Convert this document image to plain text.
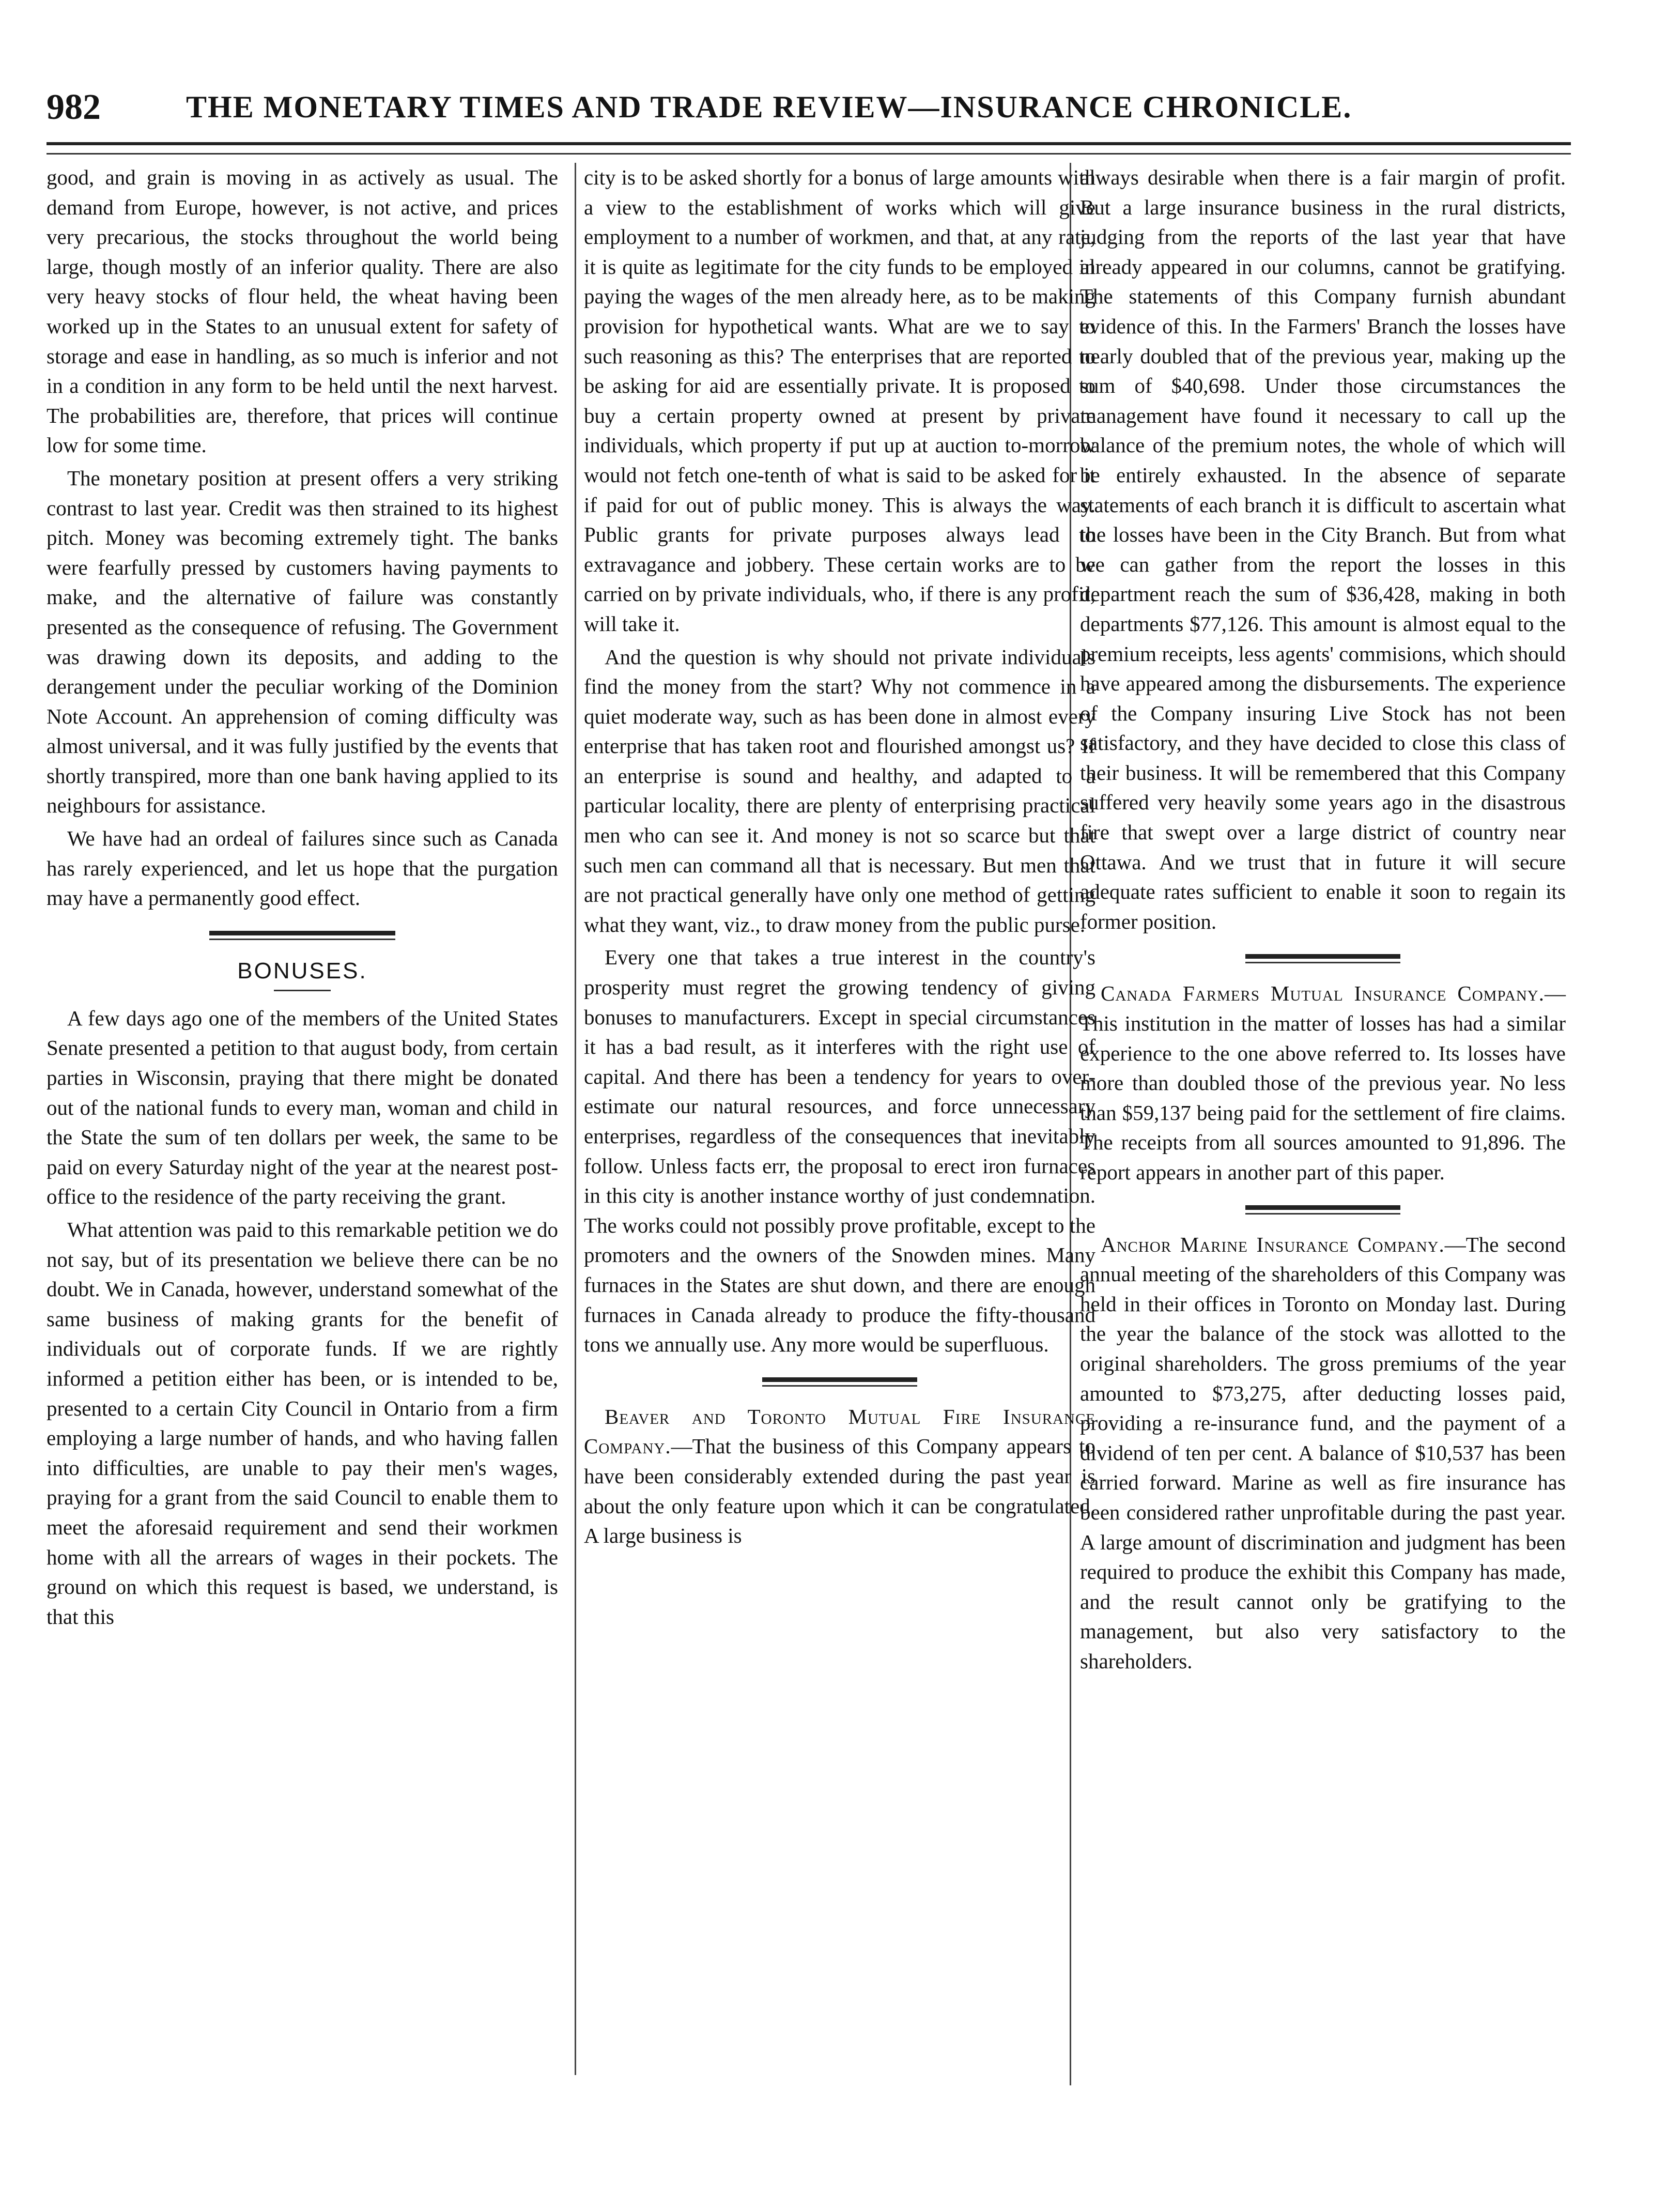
982	THE MONETARY TIMES AND TRADE REVIEW—INSURANCE CHRONICLE.

good, and grain is moving in as actively as usual. The demand from Europe, however, is not active, and prices very precarious, the stocks throughout the world being large, though mostly of an inferior quality. There are also very heavy stocks of flour held, the wheat having been worked up in the States to an unusual extent for safety of storage and ease in handling, as so much is inferior and not in a condition in any form to be held until the next harvest. The probabilities are, therefore, that prices will continue low for some time.

The monetary position at present offers a very striking contrast to last year. Credit was then strained to its highest pitch. Money was becoming extremely tight. The banks were fearfully pressed by customers having payments to make, and the alternative of failure was constantly presented as the consequence of refusing. The Government was drawing down its deposits, and adding to the derangement under the peculiar working of the Dominion Note Account. An apprehension of coming difficulty was almost universal, and it was fully justified by the events that shortly transpired, more than one bank having applied to its neighbours for assistance.

We have had an ordeal of failures since such as Canada has rarely experienced, and let us hope that the purgation may have a permanently good effect.

BONUSES.

A few days ago one of the members of the United States Senate presented a petition to that august body, from certain parties in Wisconsin, praying that there might be donated out of the national funds to every man, woman and child in the State the sum of ten dollars per week, the same to be paid on every Saturday night of the year at the nearest post-office to the residence of the party receiving the grant.

What attention was paid to this remarkable petition we do not say, but of its presentation we believe there can be no doubt. We in Canada, however, understand somewhat of the same business of making grants for the benefit of individuals out of corporate funds. If we are rightly informed a petition either has been, or is intended to be, presented to a certain City Council in Ontario from a firm employing a large number of hands, and who having fallen into difficulties, are unable to pay their men's wages, praying for a grant from the said Council to enable them to meet the aforesaid requirement and send their workmen home with all the arrears of wages in their pockets. The ground on which this request is based, we understand, is that this

city is to be asked shortly for a bonus of large amounts with a view to the establishment of works which will give employment to a number of workmen, and that, at any rate, it is quite as legitimate for the city funds to be employed in paying the wages of the men already here, as to be making provision for hypothetical wants. What are we to say to such reasoning as this? The enterprises that are reported to be asking for aid are essentially private. It is proposed to buy a certain property owned at present by private individuals, which property if put up at auction to-morrow would not fetch one-tenth of what is said to be asked for it if paid for out of public money. This is always the way. Public grants for private purposes always lead to extravagance and jobbery. These certain works are to be carried on by private individuals, who, if there is any profit, will take it.

And the question is why should not private individuals find the money from the start? Why not commence in a quiet moderate way, such as has been done in almost every enterprise that has taken root and flourished amongst us? If an enterprise is sound and healthy, and adapted to a particular locality, there are plenty of enterprising practical men who can see it. And money is not so scarce but that such men can command all that is necessary. But men that are not practical generally have only one method of getting what they want, viz., to draw money from the public purse.

Every one that takes a true interest in the country's prosperity must regret the growing tendency of giving bonuses to manufacturers. Except in special circumstances it has a bad result, as it interferes with the right use of capital. And there has been a tendency for years to over-estimate our natural resources, and force unnecessary enterprises, regardless of the consequences that inevitably follow. Unless facts err, the proposal to erect iron furnaces in this city is another instance worthy of just condemnation. The works could not possibly prove profitable, except to the promoters and the owners of the Snowden mines. Many furnaces in the States are shut down, and there are enough furnaces in Canada already to produce the fifty-thousand tons we annually use. Any more would be superfluous.

Beaver and Toronto Mutual Fire Insurance Company.—That the business of this Company appears to have been considerably extended during the past year is about the only feature upon which it can be congratulated. A large business is

always desirable when there is a fair margin of profit. But a large insurance business in the rural districts, judging from the reports of the last year that have already appeared in our columns, cannot be gratifying. The statements of this Company furnish abundant evidence of this. In the Farmers' Branch the losses have nearly doubled that of the previous year, making up the sum of $40,698. Under those circumstances the management have found it necessary to call up the balance of the premium notes, the whole of which will be entirely exhausted. In the absence of separate statements of each branch it is difficult to ascertain what the losses have been in the City Branch. But from what we can gather from the report the losses in this department reach the sum of $36,428, making in both departments $77,126. This amount is almost equal to the premium receipts, less agents' commisions, which should have appeared among the disbursements. The experience of the Company insuring Live Stock has not been satisfactory, and they have decided to close this class of their business. It will be remembered that this Company suffered very heavily some years ago in the disastrous fire that swept over a large district of country near Ottawa. And we trust that in future it will secure adequate rates sufficient to enable it soon to regain its former position.

Canada Farmers Mutual Insurance Company.—This institution in the matter of losses has had a similar experience to the one above referred to. Its losses have more than doubled those of the previous year. No less than $59,137 being paid for the settlement of fire claims. The receipts from all sources amounted to 91,896. The report appears in another part of this paper.

Anchor Marine Insurance Company.—The second annual meeting of the shareholders of this Company was held in their offices in Toronto on Monday last. During the year the balance of the stock was allotted to the original shareholders. The gross premiums of the year amounted to $73,275, after deducting losses paid, providing a re-insurance fund, and the payment of a dividend of ten per cent. A balance of $10,537 has been carried forward. Marine as well as fire insurance has been considered rather unprofitable during the past year. A large amount of discrimination and judgment has been required to produce the exhibit this Company has made, and the result cannot only be gratifying to the management, but also very satisfactory to the shareholders.
